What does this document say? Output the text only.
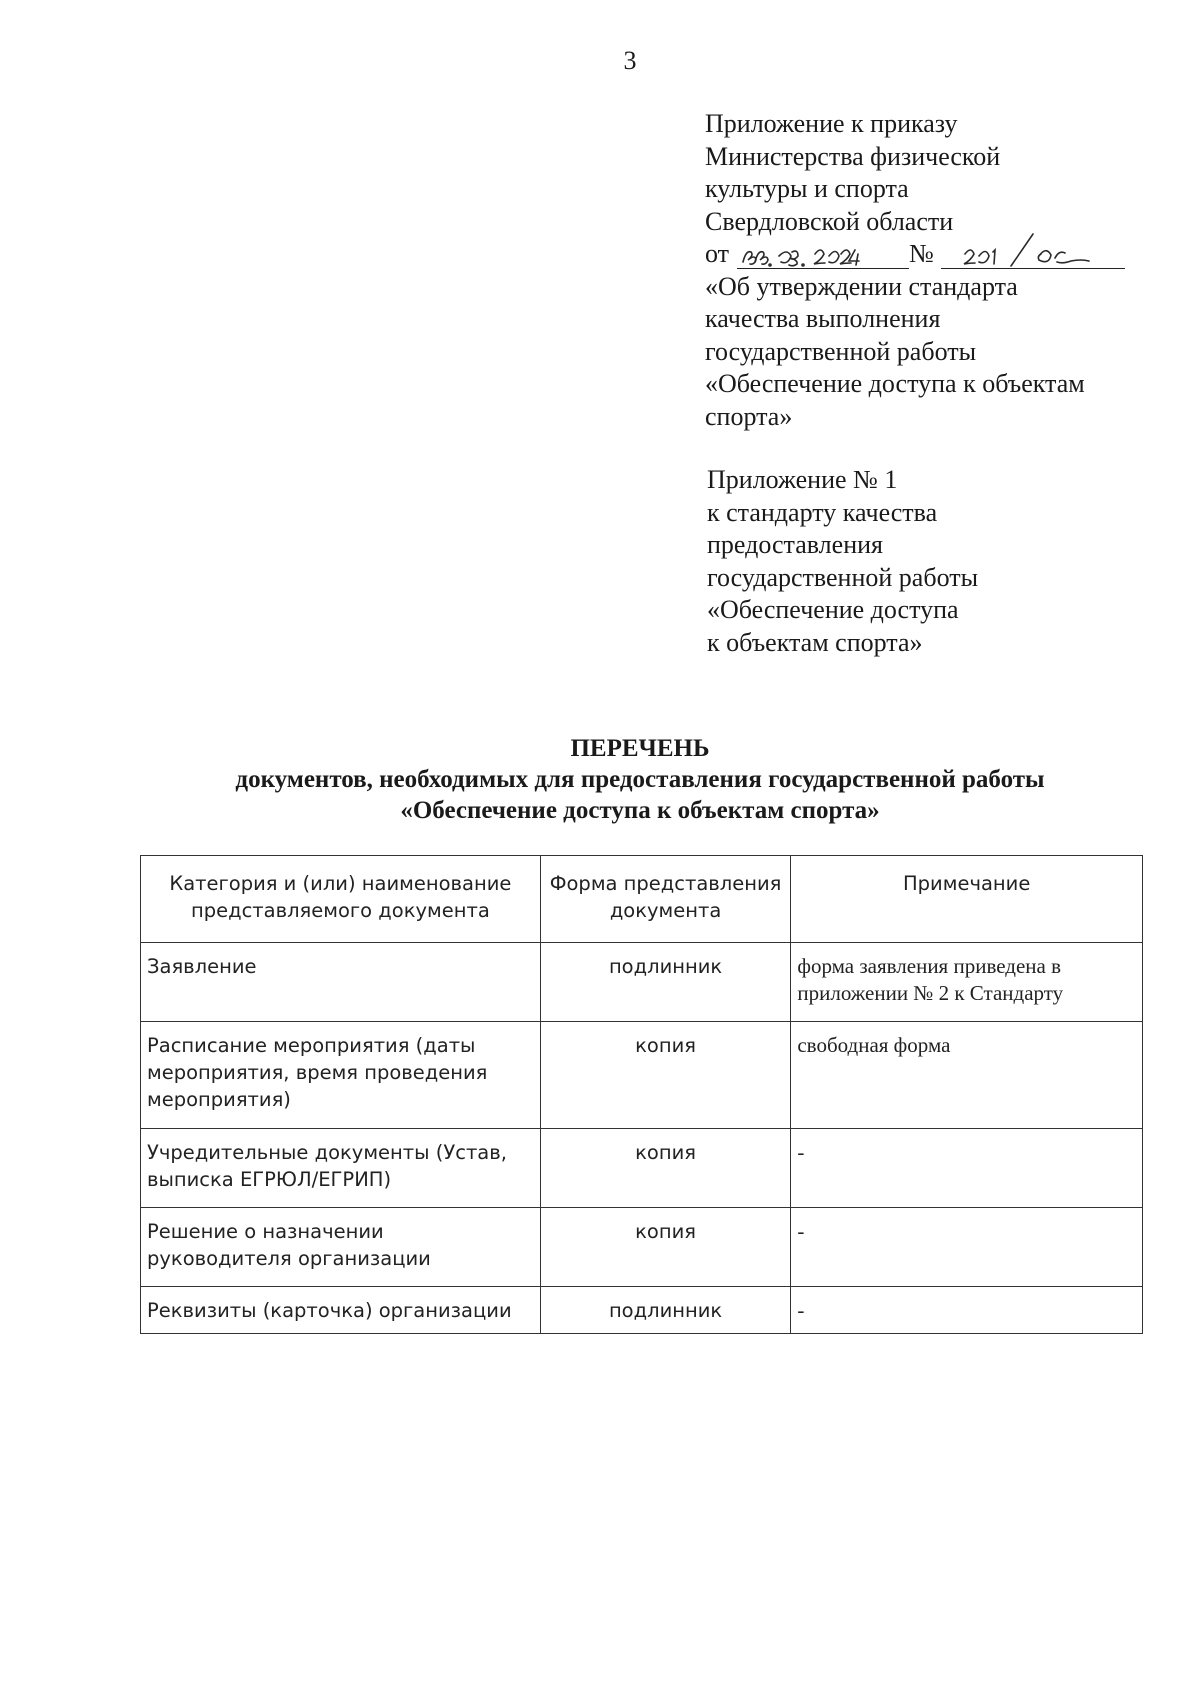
3
Приложение к приказу
Министерства физической
культуры и спорта
Свердловской области
от	№
«Об утверждении стандарта
качества выполнения
государственной работы
«Обеспечение доступа к объектам
спорта»
Приложение № 1
к стандарту качества
предоставления
государственной работы
«Обеспечение доступа
к объектам спорта»
ПЕРЕЧЕНЬ
документов, необходимых для предоставления государственной работы
«Обеспечение доступа к объектам спорта»
Категория и (или) наименование представляемого документа	Форма представления документа	Примечание
Заявление	подлинник	форма заявления приведена в приложении № 2 к Стандарту
Расписание мероприятия (даты мероприятия, время проведения мероприятия)	копия	свободная форма
Учредительные документы (Устав, выписка ЕГРЮЛ/ЕГРИП)	копия	-
Решение о назначении руководителя организации	копия	-
Реквизиты (карточка) организации	подлинник	-
